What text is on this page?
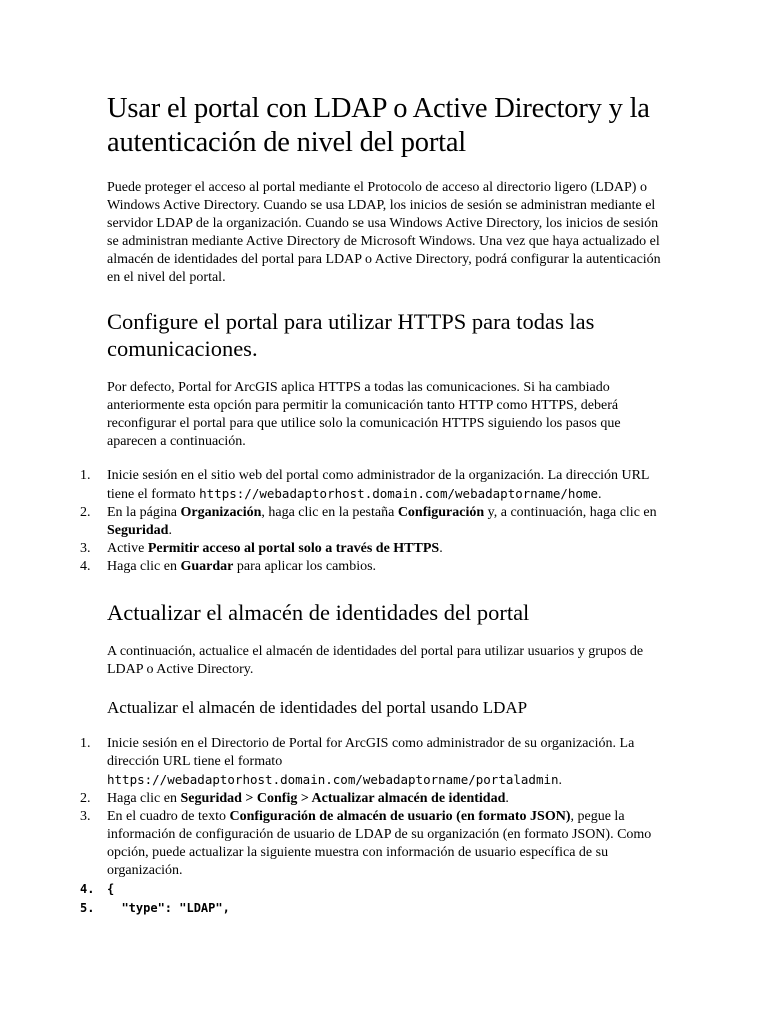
Usar el portal con LDAP o Active Directory y la autenticación de nivel del portal

Puede proteger el acceso al portal mediante el Protocolo de acceso al directorio ligero (LDAP) o Windows Active Directory. Cuando se usa LDAP, los inicios de sesión se administran mediante el servidor LDAP de la organización. Cuando se usa Windows Active Directory, los inicios de sesión se administran mediante Active Directory de Microsoft Windows. Una vez que haya actualizado el almacén de identidades del portal para LDAP o Active Directory, podrá configurar la autenticación en el nivel del portal.

Configure el portal para utilizar HTTPS para todas las comunicaciones.

Por defecto, Portal for ArcGIS aplica HTTPS a todas las comunicaciones. Si ha cambiado anteriormente esta opción para permitir la comunicación tanto HTTP como HTTPS, deberá reconfigurar el portal para que utilice solo la comunicación HTTPS siguiendo los pasos que aparecen a continuación.

1.	Inicie sesión en el sitio web del portal como administrador de la organización. La dirección URL tiene el formato https://webadaptorhost.domain.com/webadaptorname/home.
2.	En la página Organización, haga clic en la pestaña Configuración y, a continuación, haga clic en Seguridad.
3.	Active Permitir acceso al portal solo a través de HTTPS.
4.	Haga clic en Guardar para aplicar los cambios.
Actualizar el almacén de identidades del portal

A continuación, actualice el almacén de identidades del portal para utilizar usuarios y grupos de LDAP o Active Directory.

Actualizar el almacén de identidades del portal usando LDAP
1.	Inicie sesión en el Directorio de Portal for ArcGIS como administrador de su organización. La dirección URL tiene el formato https://webadaptorhost.domain.com/webadaptorname/portaladmin.
2.	Haga clic en Seguridad > Config > Actualizar almacén de identidad.
3.	En el cuadro de texto Configuración de almacén de usuario (en formato JSON), pegue la información de configuración de usuario de LDAP de su organización (en formato JSON). Como opción, puede actualizar la siguiente muestra con información de usuario específica de su organización.
4.	{
5.	"type": "LDAP",
